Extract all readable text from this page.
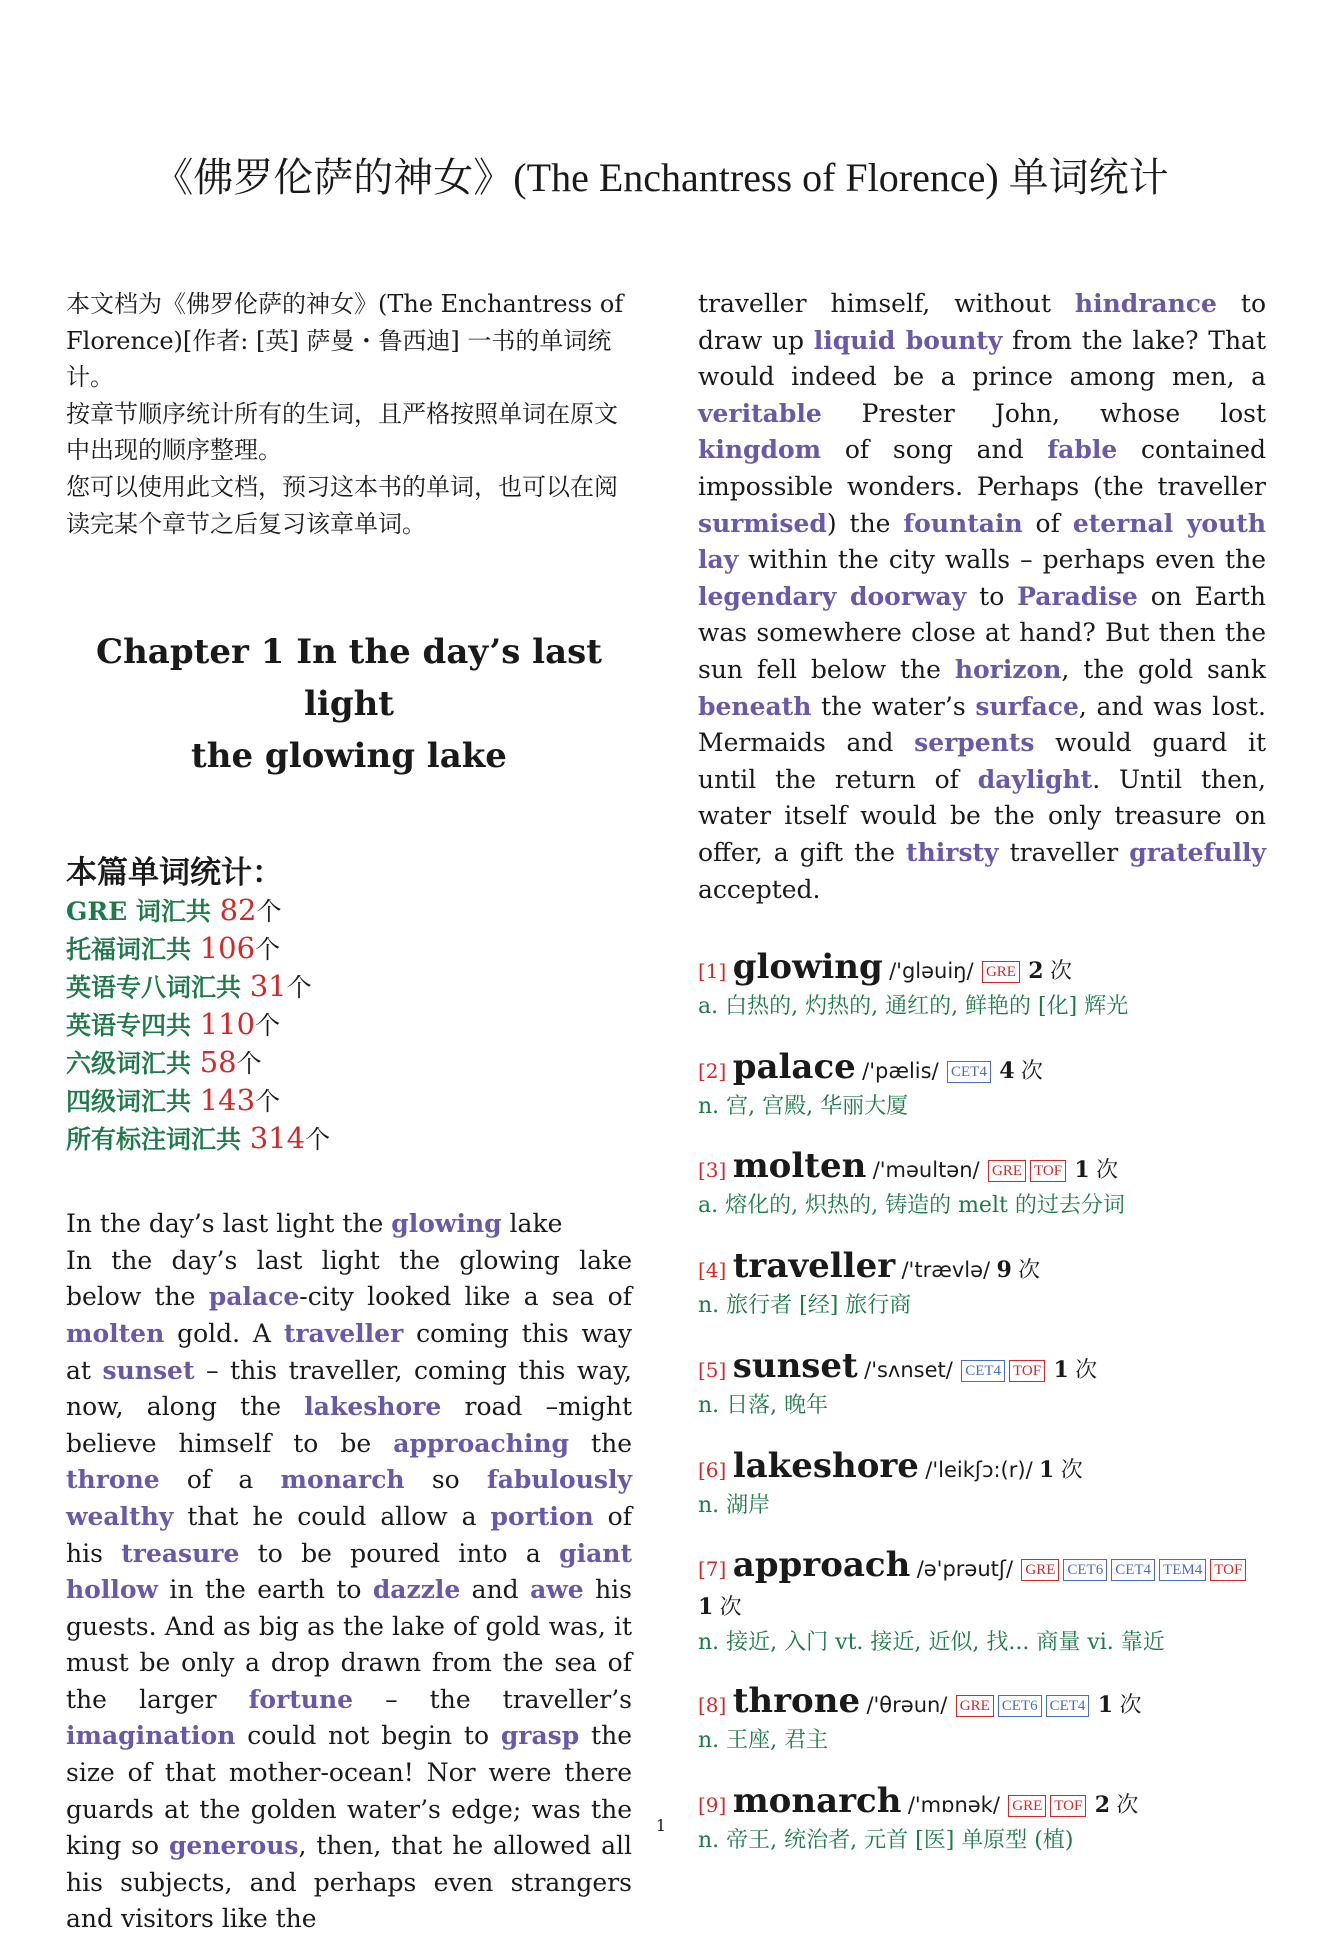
《佛罗伦萨的神女》(The Enchantress of Florence) 单词统计

本文档为《佛罗伦萨的神女》(The Enchantress of Florence)[作者: [英] 萨曼・鲁西迪] 一书的单词统计。

按章节顺序统计所有的生词，且严格按照单词在原文中出现的顺序整理。

您可以使用此文档，预习这本书的单词，也可以在阅读完某个章节之后复习该章单词。

Chapter 1 In the day’s last light
the glowing lake
本篇单词统计：
GRE 词汇共 82个
托福词汇共 106个
英语专八词汇共 31个
英语专四共 110个
六级词汇共 58个
四级词汇共 143个
所有标注词汇共 314个
In the day’s last light the glowing lake

In the day’s last light the glowing lake below the palace-city looked like a sea of molten gold. A traveller coming this way at sunset – this traveller, coming this way, now, along the lakeshore road –might believe himself to be approaching the throne of a monarch so fabulously wealthy that he could allow a portion of his treasure to be poured into a giant hollow in the earth to dazzle and awe his guests. And as big as the lake of gold was, it must be only a drop drawn from the sea of the larger fortune – the traveller’s imagination could not begin to grasp the size of that mother-ocean! Nor were there guards at the golden water’s edge; was the king so generous, then, that he allowed all his subjects, and perhaps even strangers and visitors like the

traveller himself, without hindrance to draw up liquid bounty from the lake? That would indeed be a prince among men, a veritable Prester John, whose lost kingdom of song and fable contained impossible wonders. Perhaps (the traveller surmised) the fountain of eternal youth lay within the city walls – perhaps even the legendary doorway to Paradise on Earth was somewhere close at hand? But then the sun fell below the horizon, the gold sank beneath the water’s surface, and was lost. Mermaids and serpents would guard it until the return of daylight. Until then, water itself would be the only treasure on offer, a gift the thirsty traveller gratefully accepted.

[1] glowing /'gləuiŋ/ GRE 2 次
a. 白热的, 灼热的, 通红的, 鲜艳的 [化] 辉光
[2] palace /'pælis/ CET4 4 次
n. 宫, 宫殿, 华丽大厦
[3] molten /'məultən/ GRE TOF 1 次
a. 熔化的, 炽热的, 铸造的 melt 的过去分词
[4] traveller /'trævlə/ 9 次
n. 旅行者 [经] 旅行商
[5] sunset /'sʌnset/ CET4 TOF 1 次
n. 日落, 晚年
[6] lakeshore /'leikʃɔ:(r)/ 1 次
n. 湖岸
[7] approach /ə'prəutʃ/ GRE CET6 CET4 TEM4 TOF 1 次
n. 接近, 入门 vt. 接近, 近似, 找... 商量 vi. 靠近
[8] throne /'θrəun/ GRE CET6 CET4 1 次
n. 王座, 君主
[9] monarch /'mɒnək/ GRE TOF 2 次
n. 帝王, 统治者, 元首 [医] 单原型 (植)
1
